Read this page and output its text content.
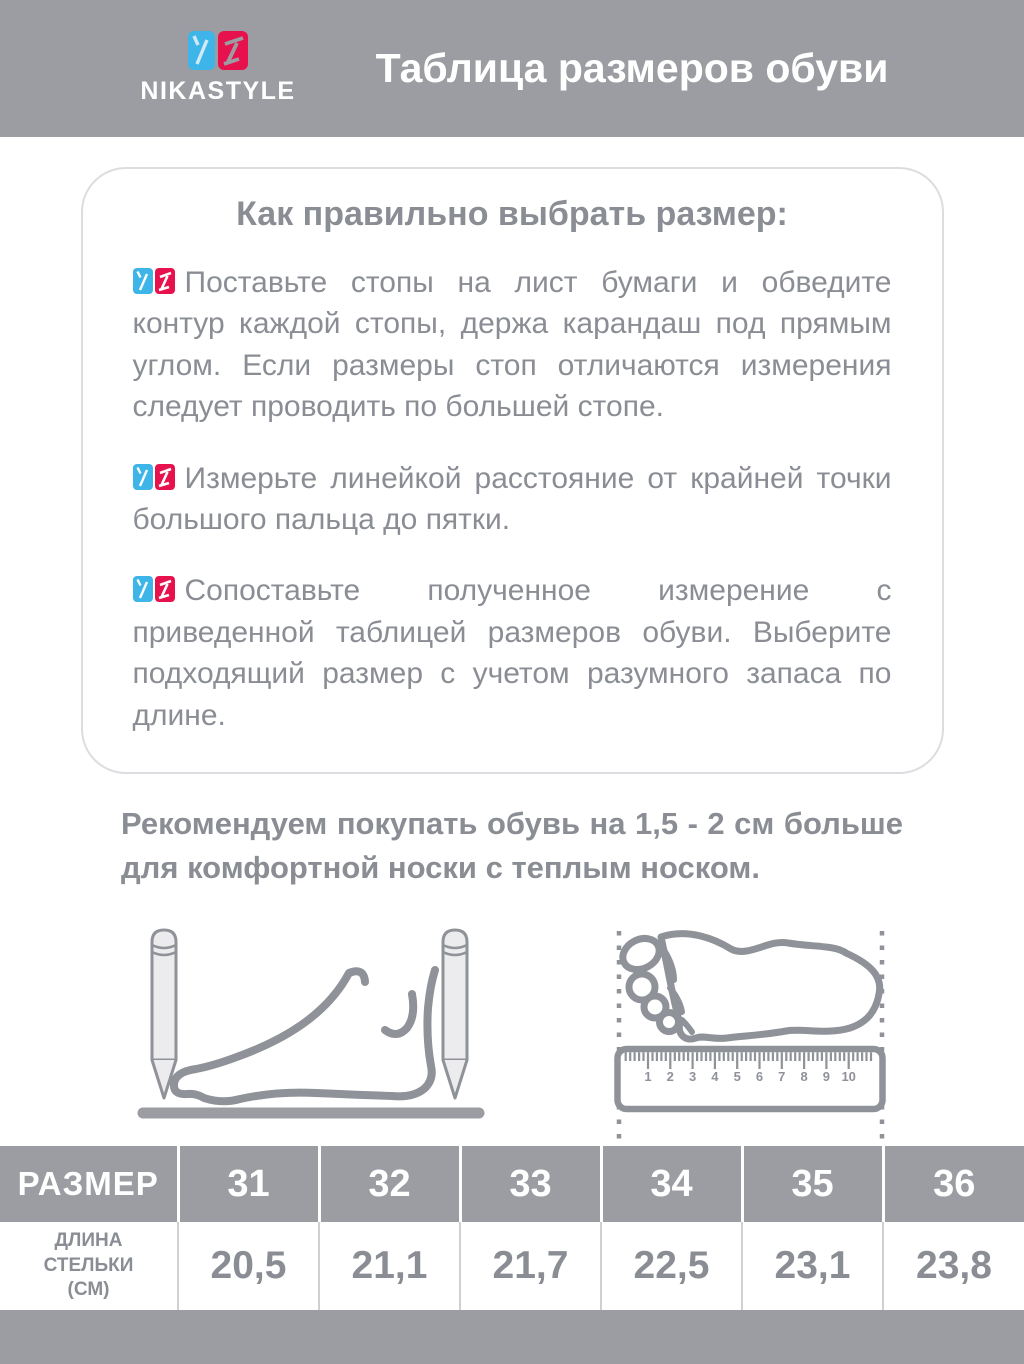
NIKASTYLE	Таблица размеров обуви
Как правильно выбрать размер:

Поставьте стопы на лист бумаги и обведите контур каждой стопы, держа карандаш под прямым углом. Если размеры стоп отличаются измерения следует проводить по большей стопе.

Измерьте линейкой расстояние от крайней точки большого пальца до пятки.

Сопоставьте полученное измерение с приведенной таблицей размеров обуви. Выберите подходящий размер с учетом разумного запаса по длине.

Рекомендуем покупать обувь на 1,5 - 2 см больше для комфортной носки с теплым носком.

1 2 3 4 5 6 7 8 9 10
РАЗМЕР	31	32	33	34	35	36
ДЛИНА СТЕЛЬКИ (СМ)	20,5	21,1	21,7	22,5	23,1	23,8
